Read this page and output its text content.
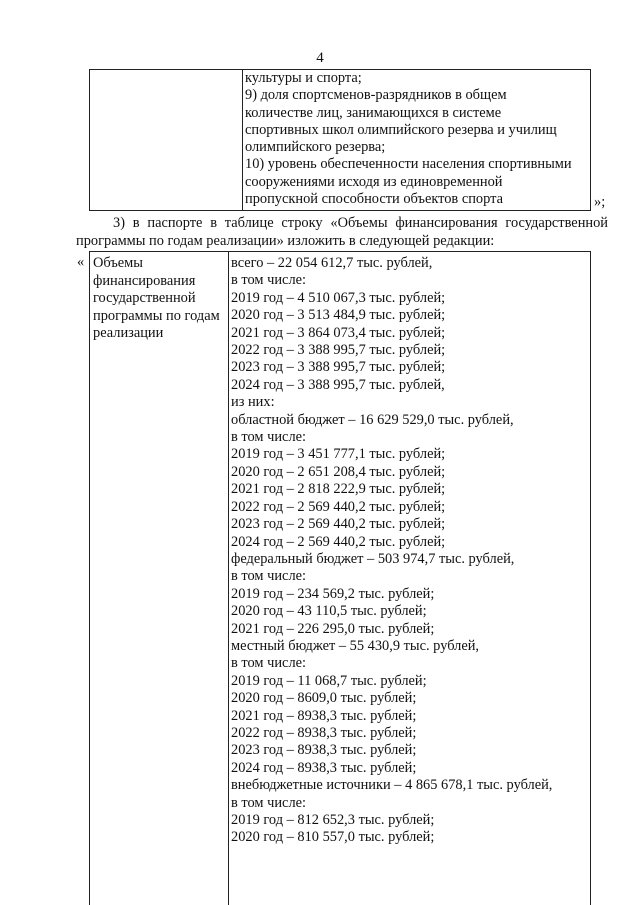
4
культуры и спорта;
9) доля спортсменов-разрядников в общем
количестве лиц, занимающихся в системе
спортивных школ олимпийского резерва и училищ
олимпийского резерва;
10) уровень обеспеченности населения спортивными
сооружениями исходя из единовременной
пропускной способности объектов спорта	»;
3) в паспорте в таблице строку «Объемы финансирования государственной
программы по годам реализации» изложить в следующей редакции:
« Объемы
финансирования
государственной
программы по годам
реализации
всего – 22 054 612,7 тыс. рублей,
в том числе:
2019 год – 4 510 067,3 тыс. рублей;
2020 год – 3 513 484,9 тыс. рублей;
2021 год – 3 864 073,4 тыс. рублей;
2022 год – 3 388 995,7 тыс. рублей;
2023 год – 3 388 995,7 тыс. рублей;
2024 год – 3 388 995,7 тыс. рублей,
из них:
областной бюджет – 16 629 529,0 тыс. рублей,
в том числе:
2019 год – 3 451 777,1 тыс. рублей;
2020 год – 2 651 208,4 тыс. рублей;
2021 год – 2 818 222,9 тыс. рублей;
2022 год – 2 569 440,2 тыс. рублей;
2023 год – 2 569 440,2 тыс. рублей;
2024 год – 2 569 440,2 тыс. рублей;
федеральный бюджет – 503 974,7 тыс. рублей,
в том числе:
2019 год – 234 569,2 тыс. рублей;
2020 год – 43 110,5 тыс. рублей;
2021 год – 226 295,0 тыс. рублей;
местный бюджет – 55 430,9 тыс. рублей,
в том числе:
2019 год – 11 068,7 тыс. рублей;
2020 год – 8609,0 тыс. рублей;
2021 год – 8938,3 тыс. рублей;
2022 год – 8938,3 тыс. рублей;
2023 год – 8938,3 тыс. рублей;
2024 год – 8938,3 тыс. рублей;
внебюджетные источники – 4 865 678,1 тыс. рублей,
в том числе:
2019 год – 812 652,3 тыс. рублей;
2020 год – 810 557,0 тыс. рублей;
